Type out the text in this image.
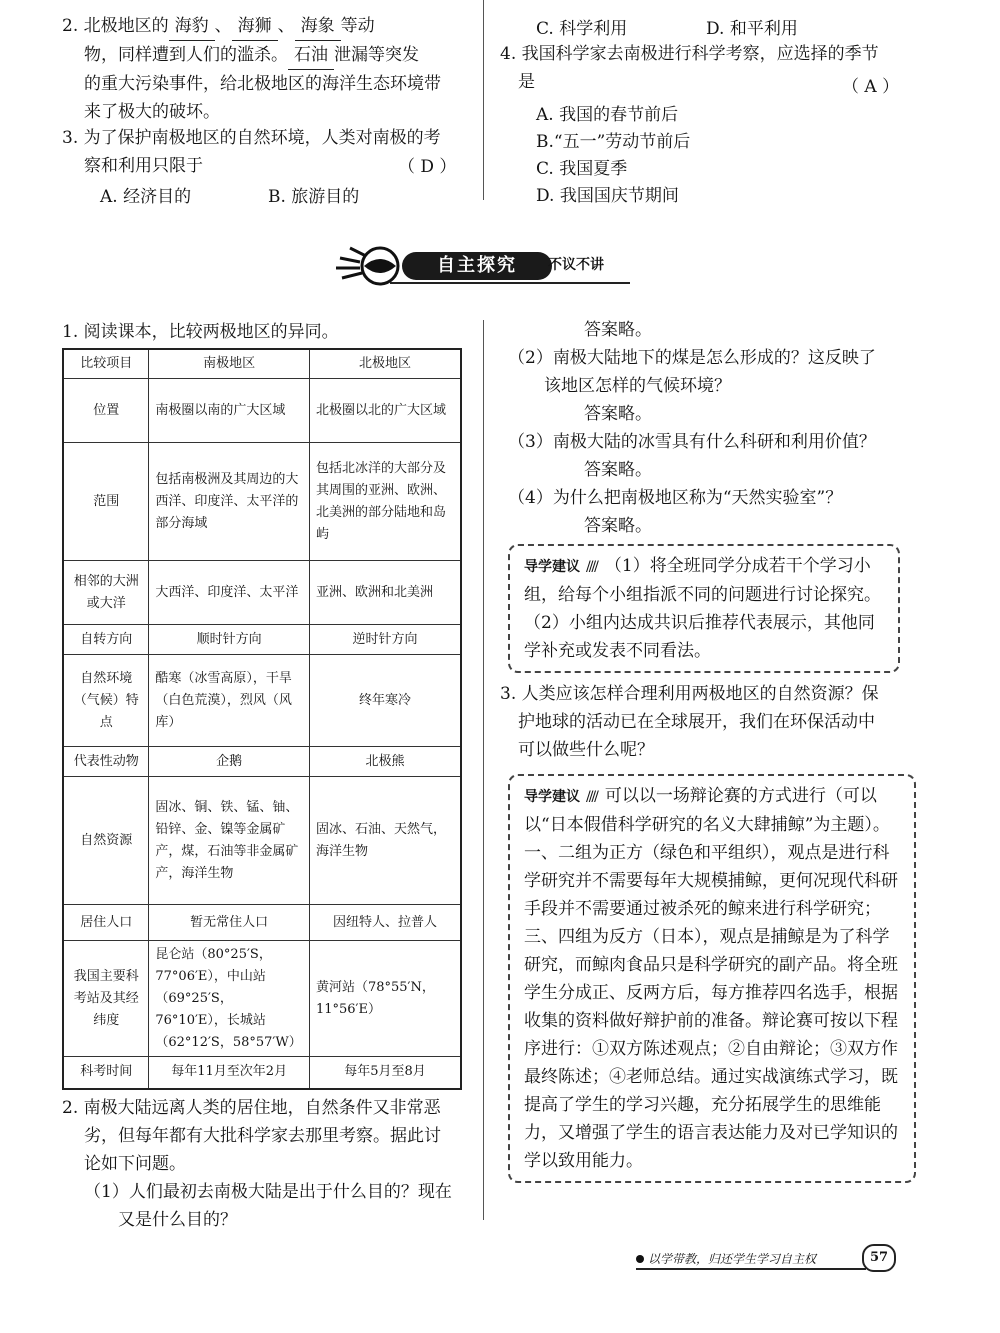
2. 北极地区的 海豹 、 海狮 、 海象 等动
物，同样遭到人们的滥杀。 石油 泄漏等突发
的重大污染事件，给北极地区的海洋生态环境带
来了极大的破坏。
3. 为了保护南极地区的自然环境，人类对南极的考
察和利用只限于	（ D ）
A. 经济目的	B. 旅游目的
C. 科学利用	D. 和平利用
4. 我国科学家去南极进行科学考察，应选择的季节
是	（ A ）
A. 我国的春节前后
B.“五一”劳动节前后
C. 我国夏季
D. 我国国庆节期间
自主探究	不议不讲
1. 阅读课本，比较两极地区的异同。
比较项目	南极地区	北极地区
位置	南极圈以南的广大区域	北极圈以北的广大区域
范围	包括南极洲及其周边的大西洋、印度洋、太平洋的部分海域	包括北冰洋的大部分及其周围的亚洲、欧洲、北美洲的部分陆地和岛屿
相邻的大洲或大洋	大西洋、印度洋、太平洋	亚洲、欧洲和北美洲
自转方向	顺时针方向	逆时针方向
自然环境（气候）特点	酷寒（冰雪高原），干旱（白色荒漠），烈风（风库）	终年寒冷
代表性动物	企鹅	北极熊
自然资源	固冰、铜、铁、锰、铀、铅锌、金、镍等金属矿产，煤，石油等非金属矿产，海洋生物	固冰、石油、天然气，海洋生物
居住人口	暂无常住人口	因纽特人、拉普人
我国主要科考站及其经纬度	昆仑站（80°25′S，77°06′E），中山站（69°25′S，76°10′E），长城站（62°12′S，58°57′W）	黄河站（78°55′N，11°56′E）
科考时间	每年11月至次年2月	每年5月至8月
2. 南极大陆远离人类的居住地，自然条件又非常恶
劣，但每年都有大批科学家去那里考察。据此讨
论如下问题。
（1）人们最初去南极大陆是出于什么目的？现在
又是什么目的？
答案略。
（2）南极大陆地下的煤是怎么形成的？这反映了
该地区怎样的气候环境？
答案略。
（3）南极大陆的冰雪具有什么科研和利用价值？
答案略。
（4）为什么把南极地区称为“天然实验室”？
答案略。
导学建议 //// （1）将全班同学分成若干个学习小组，给每个小组指派不同的问题进行讨论探究。（2）小组内达成共识后推荐代表展示，其他同学补充或发表不同看法。
3. 人类应该怎样合理利用两极地区的自然资源？保
护地球的活动已在全球展开，我们在环保活动中
可以做些什么呢？
导学建议 //// 可以以一场辩论赛的方式进行（可以以“日本假借科学研究的名义大肆捕鲸”为主题）。一、二组为正方（绿色和平组织），观点是进行科学研究并不需要每年大规模捕鲸，更何况现代科研手段并不需要通过被杀死的鲸来进行科学研究；三、四组为反方（日本），观点是捕鲸是为了科学研究，而鲸肉食品只是科学研究的副产品。将全班学生分成正、反两方后，每方推荐四名选手，根据收集的资料做好辩护前的准备。辩论赛可按以下程序进行：①双方陈述观点；②自由辩论；③双方作最终陈述；④老师总结。通过实战演练式学习，既提高了学生的学习兴趣，充分拓展学生的思维能力，又增强了学生的语言表达能力及对已学知识的学以致用能力。
以学带教，归还学生学习自主权	57
